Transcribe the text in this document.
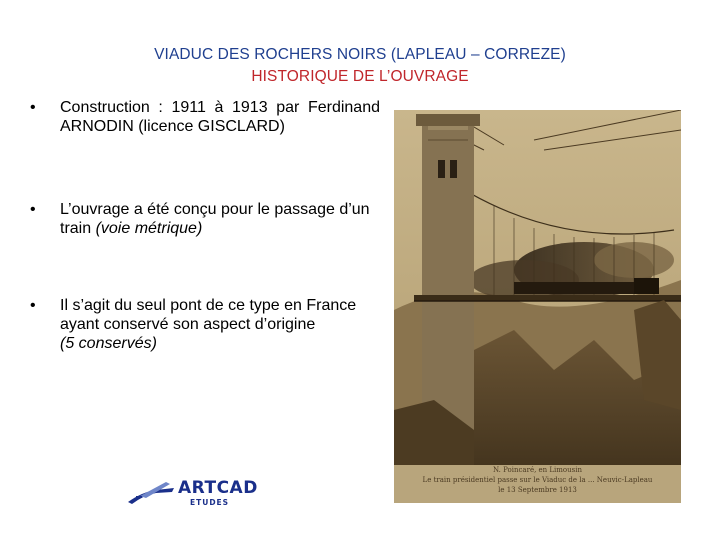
VIADUC DES ROCHERS NOIRS (LAPLEAU – CORREZE)
HISTORIQUE DE L’OUVRAGE
• Construction : 1911 à 1913 par Ferdinand ARNODIN (licence GISCLARD)
• L’ouvrage a été conçu pour le passage d’un train (voie métrique)
• Il s’agit du seul pont de ce type en France ayant conservé son aspect d’origine
(5 conservés)
N. Poincaré, en Limousin
Le train présidentiel passe sur le Viaduc de la ... Neuvic-Lapleau
le 13 Septembre 1913
ARTCAD
ETUDES
